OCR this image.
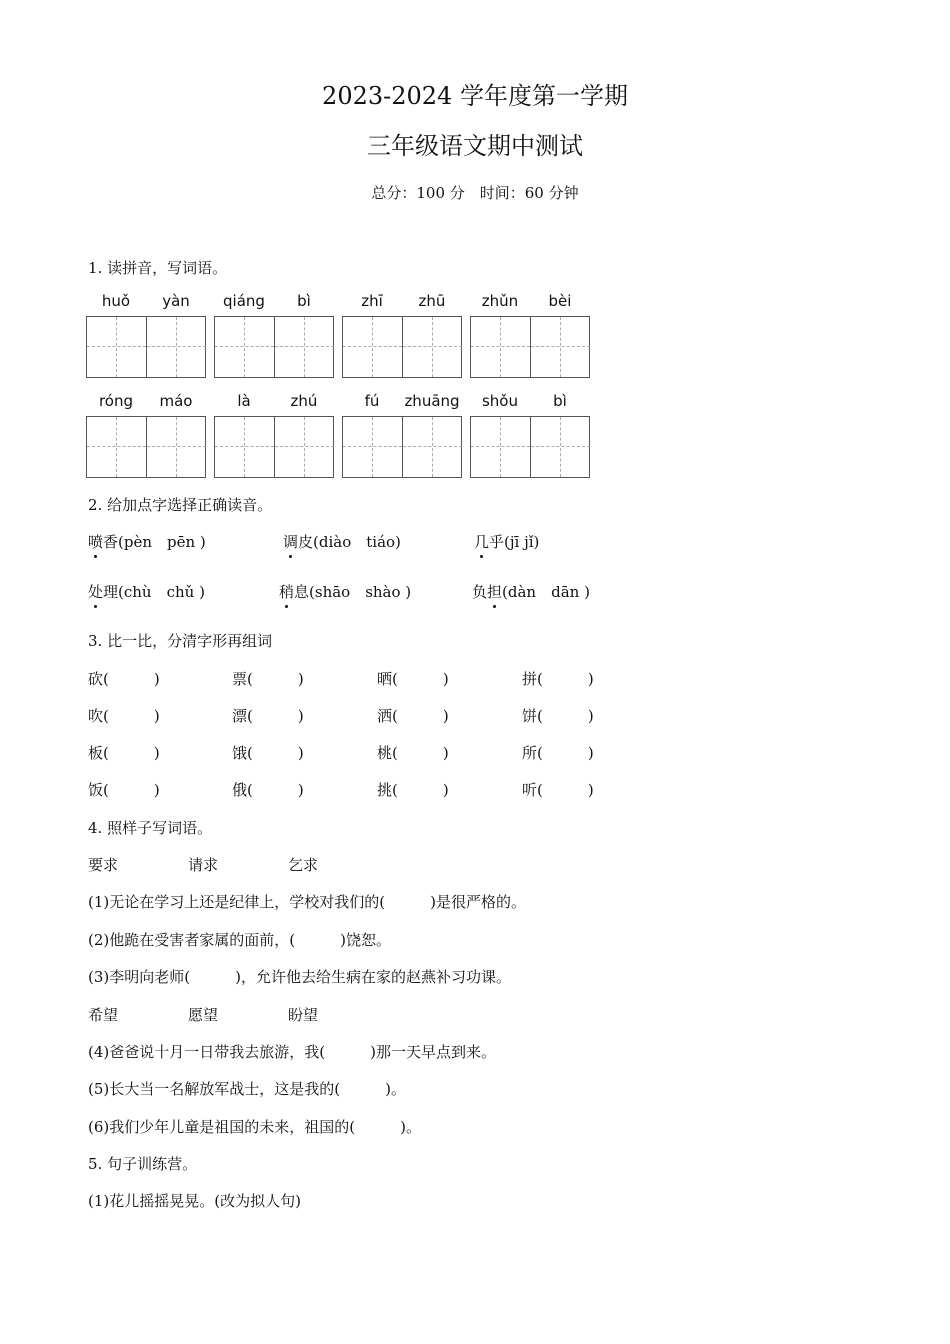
2023-2024 学年度第一学期
三年级语文期中测试
总分：100 分　时间：60 分钟
1. 读拼音，写词语。
huǒ	yàn	qiáng	bì	zhī	zhū	zhǔn	bèi
róng	máo	là	zhú	fú	zhuāng	shǒu	bì
2. 给加点字选择正确读音。
喷香(pèn　pēn )	调皮(diào　tiáo)	几乎(jī jǐ)
处理(chù　chǔ )	稍息(shāo　shào )	负担(dàn　dān )
3. 比一比，分清字形再组词
砍(　　　)	票(　　　)	晒(　　　)	拼(　　　)
吹(　　　)	漂(　　　)	洒(　　　)	饼(　　　)
板(　　　)	饿(　　　)	桃(　　　)	所(　　　)
饭(　　　)	俄(　　　)	挑(　　　)	听(　　　)
4. 照样子写词语。
要求	请求	乞求
(1)无论在学习上还是纪律上，学校对我们的(　　　)是很严格的。
(2)他跪在受害者家属的面前，(　　　)饶恕。
(3)李明向老师(　　　)，允许他去给生病在家的赵燕补习功课。
希望	愿望	盼望
(4)爸爸说十月一日带我去旅游，我(　　　)那一天早点到来。
(5)长大当一名解放军战士，这是我的(　　　)。
(6)我们少年儿童是祖国的未来，祖国的(　　　)。
5. 句子训练营。
(1)花儿摇摇晃晃。(改为拟人句)
